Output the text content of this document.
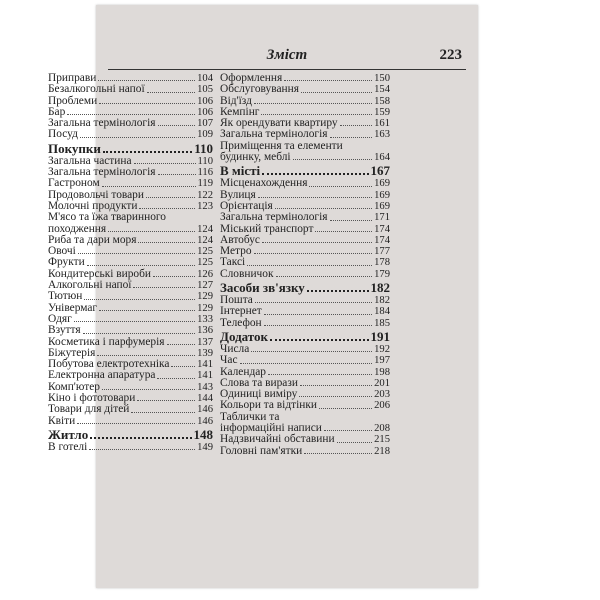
Зміст	223
Приправи	104
Безалкогольні напої	105
Проблеми	106
Бар	106
Загальна термінологія	107
Посуд	109
Покупки	110
Загальна частина	110
Загальна термінологія	116
Гастроном	119
Продовольчі товари	122
Молочні продукти	123
М'ясо та їжа тваринного
походження	124
Риба та дари моря	124
Овочі	125
Фрукти	125
Кондитерські вироби	126
Алкогольні напої	127
Тютюн	129
Універмаг	129
Одяг	133
Взуття	136
Косметика і парфумерія	137
Біжутерія	139
Побутова електротехніка	141
Електронна апаратура	141
Комп'ютер	143
Кіно і фототовари	144
Товари для дітей	146
Квіти	146
Житло	148
В готелі	149
Оформлення	150
Обслуговування	154
Від'їзд	158
Кемпінг	159
Як орендувати квартиру	161
Загальна термінологія	163
Приміщення та елементи
будинку, меблі	164
В місті	167
Місценахождення	169
Вулиця	169
Орієнтація	169
Загальна термінологія	171
Міський транспорт	174
Автобус	174
Метро	177
Таксі	178
Словничок	179
Засоби зв'язку	182
Пошта	182
Інтернет	184
Телефон	185
Додаток	191
Числа	192
Час	197
Календар	198
Слова та вирази	201
Одиниці виміру	203
Кольори та відтінки	206
Таблички та
інформаційні написи	208
Надзвичайні обставини	215
Головні пам'ятки	218
